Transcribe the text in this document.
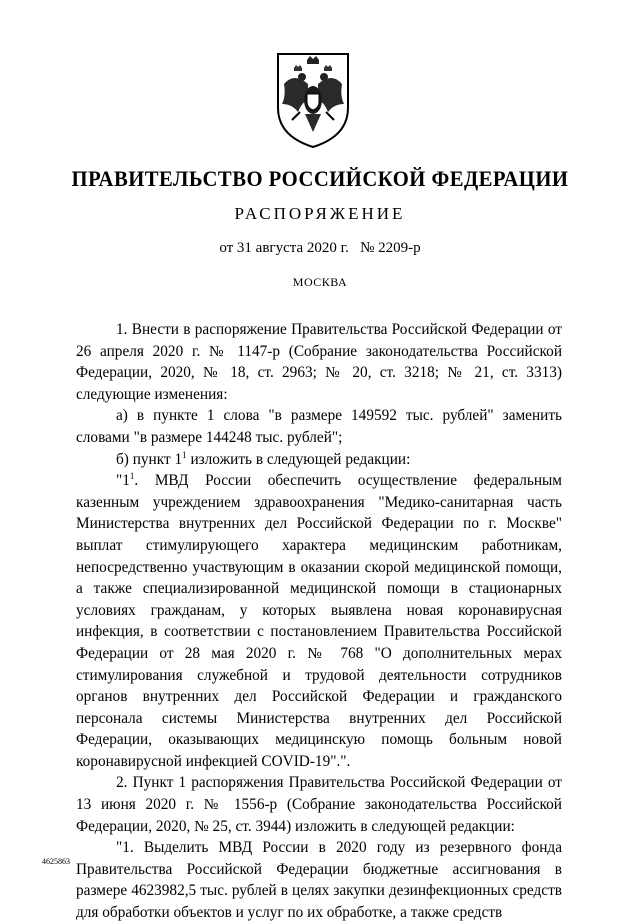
ПРАВИТЕЛЬСТВО РОССИЙСКОЙ ФЕДЕРАЦИИ
РАСПОРЯЖЕНИЕ
от 31 августа 2020 г. № 2209-р
МОСКВА

1. Внести в распоряжение Правительства Российской Федерации от 26 апреля 2020 г. № 1147-р (Собрание законодательства Российской Федерации, 2020, № 18, ст. 2963; № 20, ст. 3218; № 21, ст. 3313) следующие изменения:

а) в пункте 1 слова "в размере 149592 тыс. рублей" заменить словами "в размере 144248 тыс. рублей";

б) пункт $1^1$ изложить в следующей редакции:

"$1^1$. МВД России обеспечить осуществление федеральным казенным учреждением здравоохранения "Медико-санитарная часть Министерства внутренних дел Российской Федерации по г. Москве" выплат стимулирующего характера медицинским работникам, непосредственно участвующим в оказании скорой медицинской помощи, а также специализированной медицинской помощи в стационарных условиях гражданам, у которых выявлена новая коронавирусная инфекция, в соответствии с постановлением Правительства Российской Федерации от 28 мая 2020 г. № 768 "О дополнительных мерах стимулирования служебной и трудовой деятельности сотрудников органов внутренних дел Российской Федерации и гражданского персонала системы Министерства внутренних дел Российской Федерации, оказывающих медицинскую помощь больным новой коронавирусной инфекцией COVID-19".".

2. Пункт 1 распоряжения Правительства Российской Федерации от 13 июня 2020 г. № 1556-р (Собрание законодательства Российской Федерации, 2020, № 25, ст. 3944) изложить в следующей редакции:

"1. Выделить МВД России в 2020 году из резервного фонда Правительства Российской Федерации бюджетные ассигнования в размере 4623982,5 тыс. рублей в целях закупки дезинфекционных средств для обработки объектов и услуг по их обработке, а также средств

4625863
